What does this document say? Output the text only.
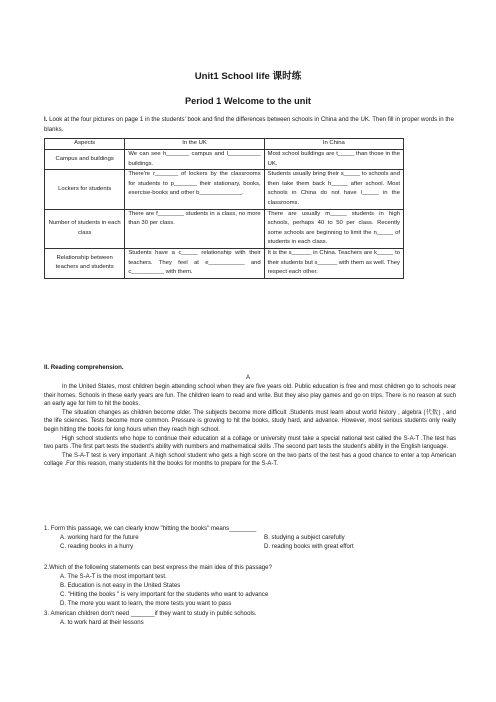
Unit1 School life 课时练
Period 1 Welcome to the unit
I. Look at the four pictures on page 1 in the students' book and find the differences between schools in China and the UK. Then fill in proper words in the blanks.
Aspects	In the UK	In China
Campus and buildings	We can see h_______ campus and l__________ buildings.	Most school buildings are t_____ than those in the UK.
Lockers for students	There're r_______ of lockers by the classrooms for students to p_______ their stationary, books, exercise-books and other b_____________.	Students usually bring their s_____ to schools and then take them back h_____ after school. Most schools in China do not have l_____ in the classrooms.
Number of students in each class	There are f________ students in a class, no more than 30 per class.	There are usually m_____ students in high schools, perhaps 40 to 50 per class. Recently some schools are beginning to limit the n_____ of students in each class.
Relationship between teachers and students	Students have a c_____ relationship with their teachers. They feel at e___________ and c__________ with them.	It is the s______ in China. Teachers are k_____ to their students but s______ with them as well. They respect each other.
II. Reading comprehension.
A

In the United States, most children begin attending school when they are five years old. Public education is free and most children go to schools near their homes. Schools in these early years are fun. The children learn to read and write. But they also play games and go on trips. There is no reason at such an early age for him to hit the books.

The situation changes as children become older. The subjects become more difficult .Students must learn about world history , algebra (代数) , and the life sciences. Tests become more common. Pressure is growing to hit the books, study hard, and advance. However, most serious students only really begin hitting the books for long hours when they reach high school.

High school students who hope to continue their education at a collage or university must take a special national test called the S-A-T .The test has two parts .The first part tests the student's ability with numbers and mathematical skills .The second part tests the student's ability in the English language.

The S-A-T test is very important .A high school student who gets a high score on the two parts of the test has a good chance to enter a top American collage .For this reason, many students hit the books for months to prepare for the S-A-T.

1. Form this passage, we can clearly know "hitting the books" means________
A. working hard for the future	B. studying a subject carefully
C. reading books in a hurry	D. reading books with great effort
2.Which of the following statements can best express the main idea of this passage?
A. The S-A-T is the most important test.
B. Education is not easy in the United States
C. "Hitting the books " is very important for the students who want to advance
D. The more you want to learn, the more tests you want to pass
3. American children don't need _______if they want to study in public schools.
A. to work hard at their lessons
